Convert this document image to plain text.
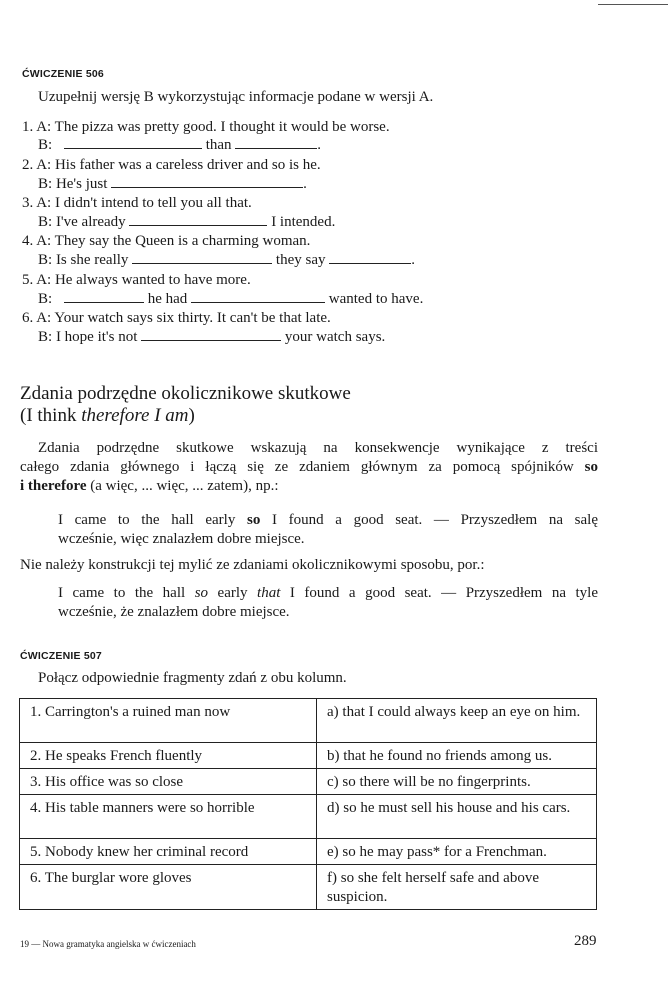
ĆWICZENIE 506
Uzupełnij wersję B wykorzystując informacje podane w wersji A.
1. A: The pizza was pretty good. I thought it would be worse.
B:	than	.
2. A: His father was a careless driver and so is he.
B: He's just	.
3. A: I didn't intend to tell you all that.
B: I've already	I intended.
4. A: They say the Queen is a charming woman.
B: Is she really	they say	.
5. A: He always wanted to have more.
B:	he had	wanted to have.
6. A: Your watch says six thirty. It can't be that late.
B: I hope it's not	your watch says.
Zdania podrzędne okolicznikowe skutkowe
(I think therefore I am)
Zdania podrzędne skutkowe wskazują na konsekwencje wynikające z treści
całego zdania głównego i łączą się ze zdaniem głównym za pomocą spójników so
i therefore (a więc, ... więc, ... zatem), np.:
I came to the hall early so I found a good seat. — Przyszedłem na salę
wcześnie, więc znalazłem dobre miejsce.
Nie należy konstrukcji tej mylić ze zdaniami okolicznikowymi sposobu, por.:
I came to the hall so early that I found a good seat. — Przyszedłem na tyle
wcześnie, że znalazłem dobre miejsce.
ĆWICZENIE 507
Połącz odpowiednie fragmenty zdań z obu kolumn.
1. Carrington's a ruined man now	a) that I could always keep an eye on him.
2. He speaks French fluently	b) that he found no friends among us.
3. His office was so close	c) so there will be no fingerprints.
4. His table manners were so horrible	d) so he must sell his house and his cars.
5. Nobody knew her criminal record	e) so he may pass* for a Frenchman.
6. The burglar wore gloves	f) so she felt herself safe and above suspicion.
19 — Nowa gramatyka angielska w ćwiczeniach	289
